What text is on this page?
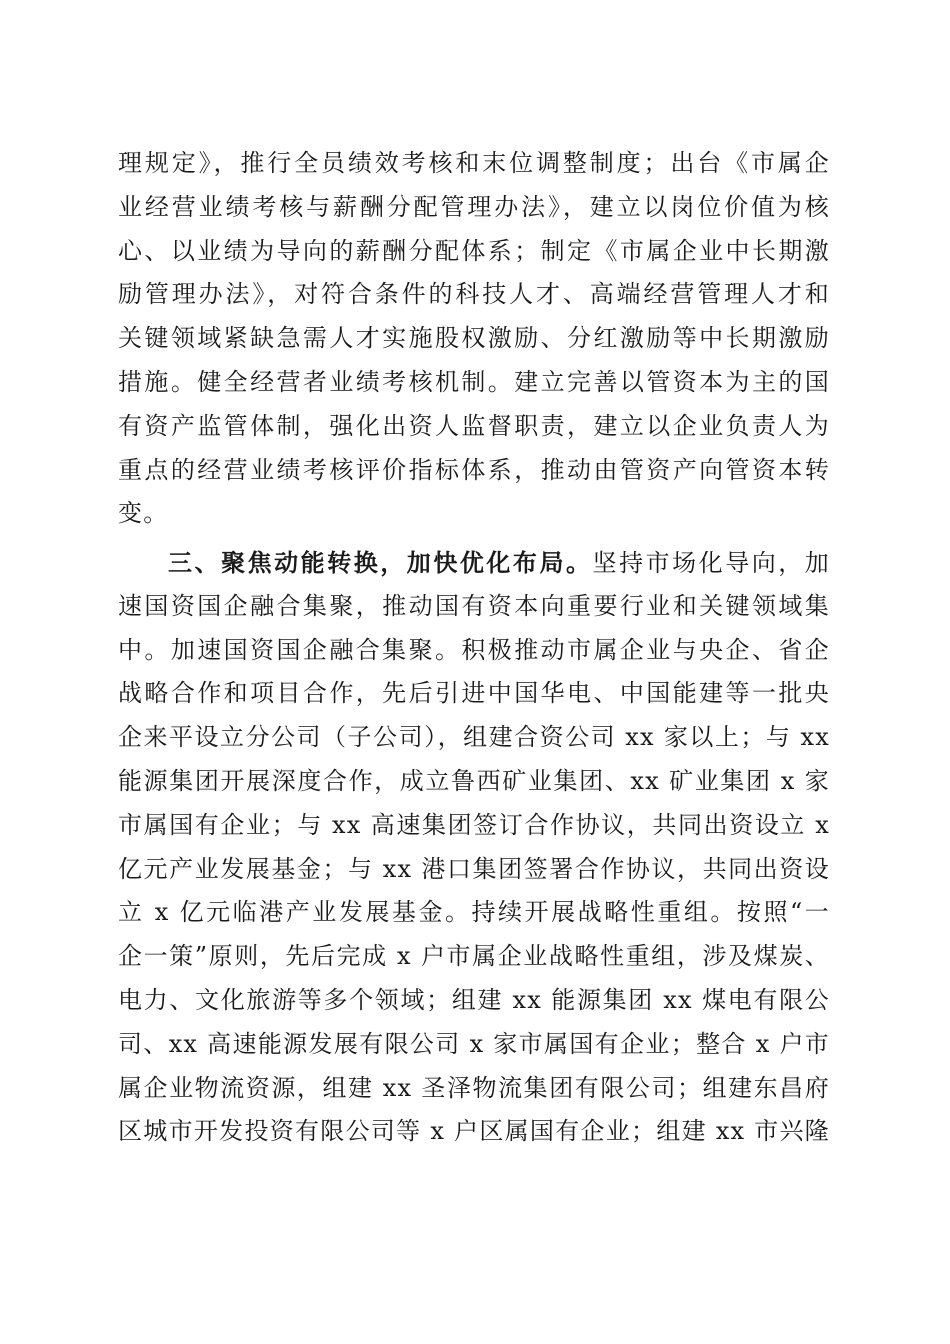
理规定》，推行全员绩效考核和末位调整制度；出台《市属企
业经营业绩考核与薪酬分配管理办法》，建立以岗位价值为核
心、以业绩为导向的薪酬分配体系；制定《市属企业中长期激
励管理办法》，对符合条件的科技人才、高端经营管理人才和
关键领域紧缺急需人才实施股权激励、分红激励等中长期激励
措施。健全经营者业绩考核机制。建立完善以管资本为主的国
有资产监管体制，强化出资人监督职责，建立以企业负责人为
重点的经营业绩考核评价指标体系，推动由管资产向管资本转
变。
三、聚焦动能转换，加快优化布局。坚持市场化导向，加
速国资国企融合集聚，推动国有资本向重要行业和关键领域集
中。加速国资国企融合集聚。积极推动市属企业与央企、省企
战略合作和项目合作，先后引进中国华电、中国能建等一批央
企来平设立分公司（子公司），组建合资公司 xx 家以上；与 xx
能源集团开展深度合作，成立鲁西矿业集团、xx 矿业集团 x 家
市属国有企业；与 xx 高速集团签订合作协议，共同出资设立 x
亿元产业发展基金；与 xx 港口集团签署合作协议，共同出资设
立 x 亿元临港产业发展基金。持续开展战略性重组。按照“一
企一策”原则，先后完成 x 户市属企业战略性重组，涉及煤炭、
电力、文化旅游等多个领域；组建 xx 能源集团 xx 煤电有限公
司、xx 高速能源发展有限公司 x 家市属国有企业；整合 x 户市
属企业物流资源，组建 xx 圣泽物流集团有限公司；组建东昌府
区城市开发投资有限公司等 x 户区属国有企业；组建 xx 市兴隆
